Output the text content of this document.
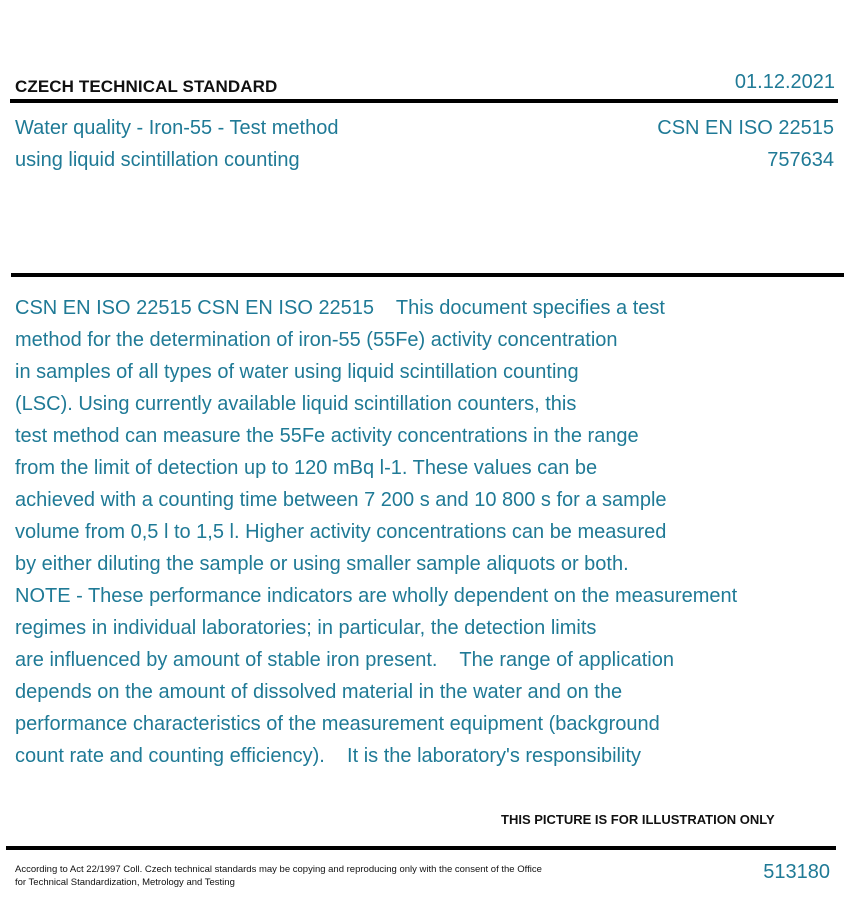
CZECH TECHNICAL STANDARD	01.12.2021
Water quality - Iron-55 - Test method
using liquid scintillation counting
CSN EN ISO 22515
757634
CSN EN ISO 22515 CSN EN ISO 22515    This document specifies a test
method for the determination of iron-55 (55Fe) activity concentration
in samples of all types of water using liquid scintillation counting
(LSC). Using currently available liquid scintillation counters, this
test method can measure the 55Fe activity concentrations in the range
from the limit of detection up to 120 mBq l-1. These values can be
achieved with a counting time between 7 200 s and 10 800 s for a sample
volume from 0,5 l to 1,5 l. Higher activity concentrations can be measured
by either diluting the sample or using smaller sample aliquots or both.
NOTE - These performance indicators are wholly dependent on the measurement
regimes in individual laboratories; in particular, the detection limits
are influenced by amount of stable iron present.    The range of application
depends on the amount of dissolved material in the water and on the
performance characteristics of the measurement equipment (background
count rate and counting efficiency).    It is the laboratory's responsibility
THIS PICTURE IS FOR ILLUSTRATION ONLY
According to Act 22/1997 Coll. Czech technical standards may be copying and reproducing only with the consent of the Office
for Technical Standardization, Metrology and Testing	513180
